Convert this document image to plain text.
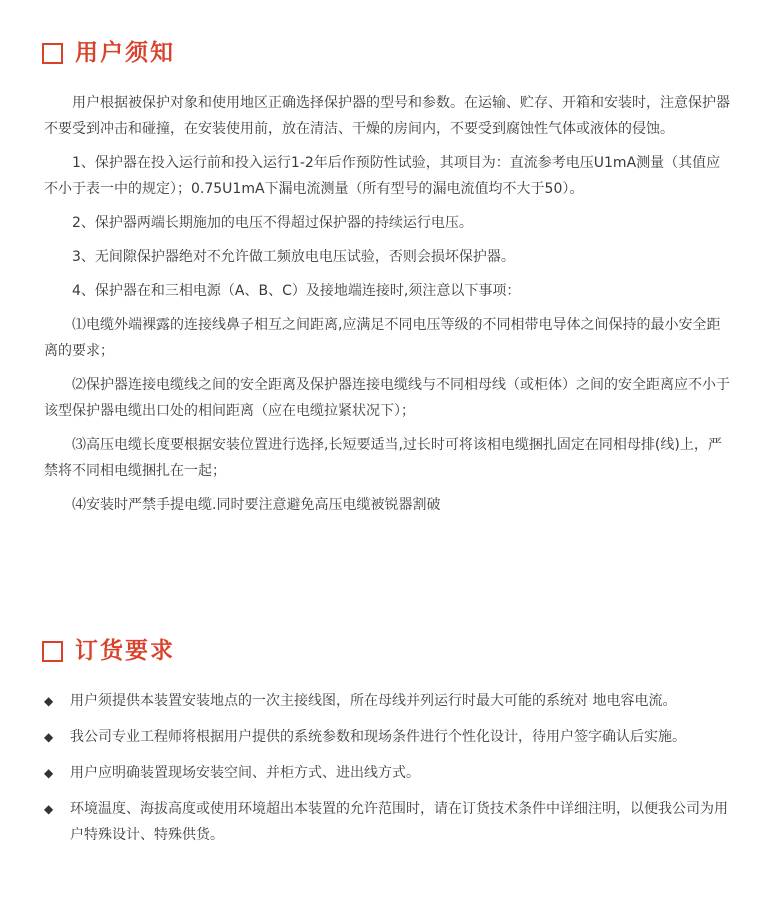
用户须知

用户根据被保护对象和使用地区正确选择保护器的型号和参数。在运输、贮存、开箱和安装时，注意保护器不要受到冲击和碰撞，在安装使用前，放在清洁、干燥的房间内，不要受到腐蚀性气体或液体的侵蚀。

1、保护器在投入运行前和投入运行1-2年后作预防性试验，其项目为：直流参考电压U1mA测量（其值应不小于表一中的规定）；0.75U1mA下漏电流测量（所有型号的漏电流值均不大于50）。

2、保护器两端长期施加的电压不得超过保护器的持续运行电压。

3、无间隙保护器绝对不允许做工频放电电压试验，否则会损坏保护器。

4、保护器在和三相电源（A、B、C）及接地端连接时,须注意以下事项：

⑴电缆外端裸露的连接线鼻子相互之间距离,应满足不同电压等级的不同相带电导体之间保持的最小安全距离的要求；

⑵保护器连接电缆线之间的安全距离及保护器连接电缆线与不同相母线（或柜体）之间的安全距离应不小于该型保护器电缆出口处的相间距离（应在电缆拉紧状况下）；

⑶高压电缆长度要根据安装位置进行选择,长短要适当,过长时可将该相电缆捆扎固定在同相母排(线)上，严禁将不同相电缆捆扎在一起；

⑷安装时严禁手提电缆.同时要注意避免高压电缆被锐器割破

订货要求
◆	用户须提供本装置安装地点的一次主接线图，所在母线并列运行时最大可能的系统对 地电容电流。
◆	我公司专业工程师将根据用户提供的系统参数和现场条件进行个性化设计，待用户签字确认后实施。
◆	用户应明确装置现场安装空间、并柜方式、进出线方式。
◆	环境温度、海拔高度或使用环境超出本装置的允许范围时，请在订货技术条件中详细注明，以便我公司为用户特殊设计、特殊供货。
